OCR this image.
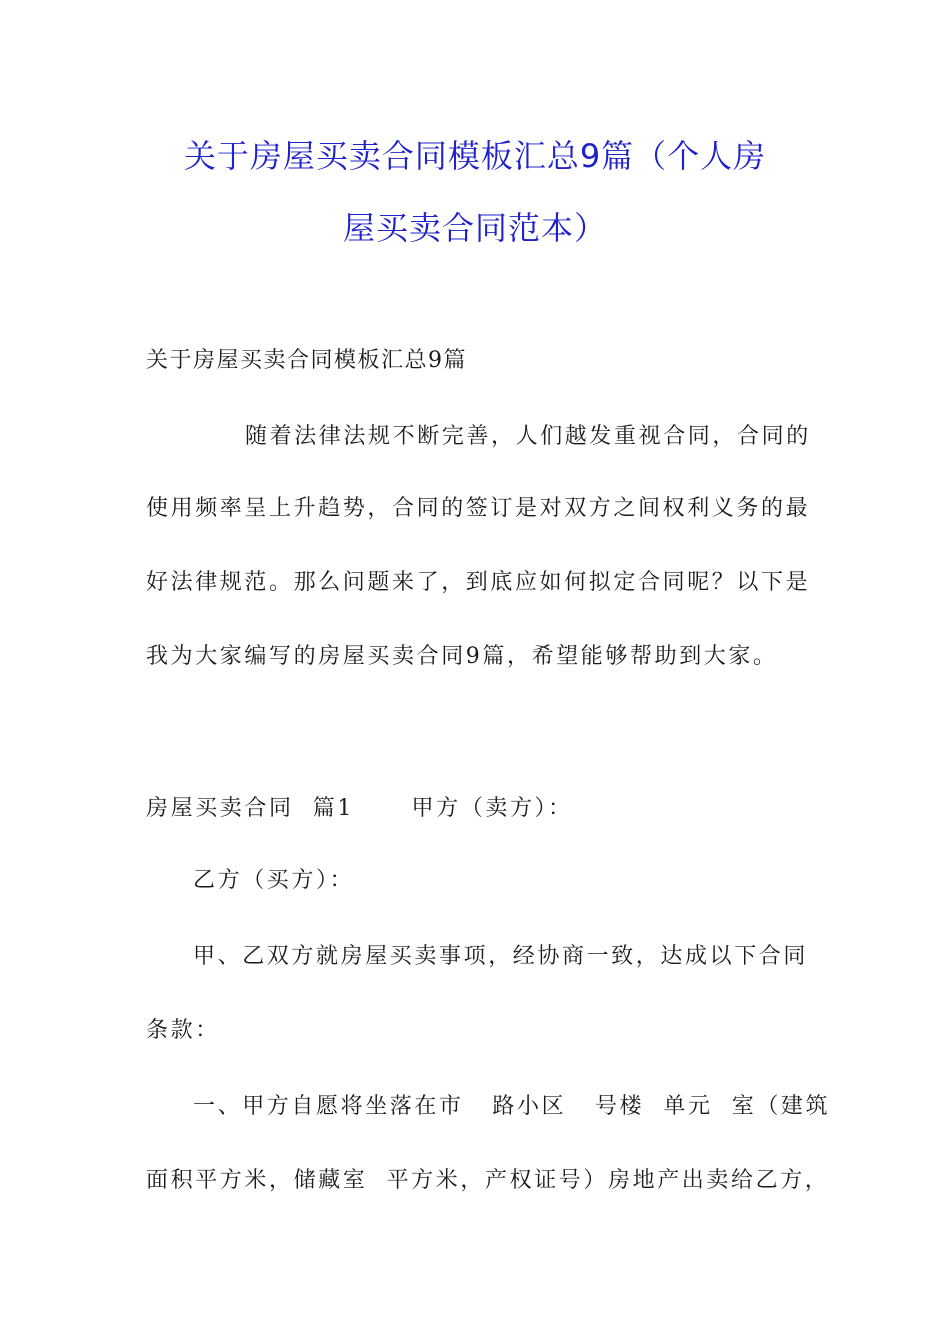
关于房屋买卖合同模板汇总9篇（个人房
屋买卖合同范本）
关于房屋买卖合同模板汇总9篇
随着法律法规不断完善，人们越发重视合同，合同的
使用频率呈上升趋势，合同的签订是对双方之间权利义务的最
好法律规范。那么问题来了，到底应如何拟定合同呢？以下是
我为大家编写的房屋买卖合同9篇，希望能够帮助到大家。
房屋买卖合同  篇1      甲方（卖方）：
乙方（买方）：
甲、乙双方就房屋买卖事项，经协商一致，达成以下合同
条款：
一、甲方自愿将坐落在市   路小区   号楼  单元  室（建筑
面积平方米，储藏室  平方米，产权证号）房地产出卖给乙方，
